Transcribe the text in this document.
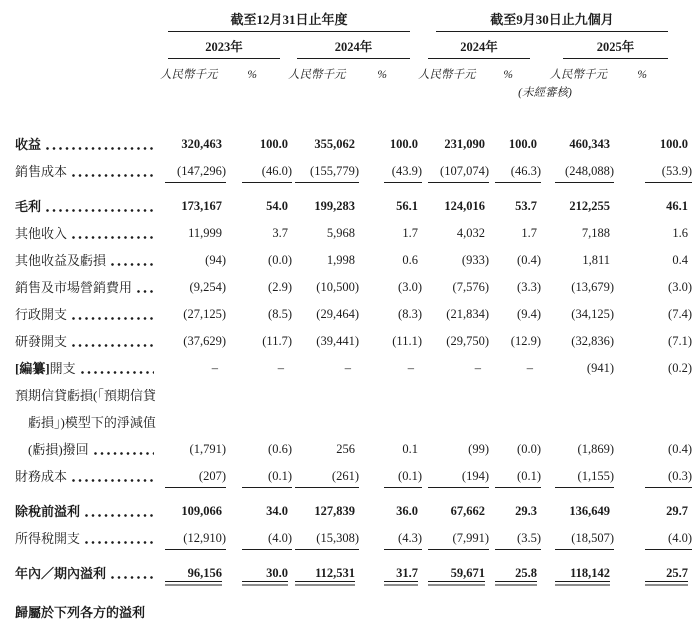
截至12月31日止年度	截至9月30日止九個月
2023年	2024年	2024年	2025年
人民幣千元	%	人民幣千元	%	人民幣千元	%	人民幣千元	%
(未經審核)
收益	320,463	100.0	355,062	100.0	231,090	100.0	460,343	100.0
銷售成本	(147,296)	(46.0)	(155,779)	(43.9)	(107,074)	(46.3)	(248,088)	(53.9)
毛利	173,167	54.0	199,283	56.1	124,016	53.7	212,255	46.1
其他收入	11,999	3.7	5,968	1.7	4,032	1.7	7,188	1.6
其他收益及虧損	(94)	(0.0)	1,998	0.6	(933)	(0.4)	1,811	0.4
銷售及市場營銷費用	(9,254)	(2.9)	(10,500)	(3.0)	(7,576)	(3.3)	(13,679)	(3.0)
行政開支	(27,125)	(8.5)	(29,464)	(8.3)	(21,834)	(9.4)	(34,125)	(7.4)
研發開支	(37,629)	(11.7)	(39,441)	(11.1)	(29,750)	(12.9)	(32,836)	(7.1)
[編纂]開支	–	–	–	–	–	–	(941)	(0.2)
預期信貸虧損(「預期信貸
虧損」)模型下的淨減值
(虧損)撥回	(1,791)	(0.6)	256	0.1	(99)	(0.0)	(1,869)	(0.4)
財務成本	(207)	(0.1)	(261)	(0.1)	(194)	(0.1)	(1,155)	(0.3)
除稅前溢利	109,066	34.0	127,839	36.0	67,662	29.3	136,649	29.7
所得稅開支	(12,910)	(4.0)	(15,308)	(4.3)	(7,991)	(3.5)	(18,507)	(4.0)
年內／期內溢利	96,156	30.0	112,531	31.7	59,671	25.8	118,142	25.7
歸屬於下列各方的溢利
